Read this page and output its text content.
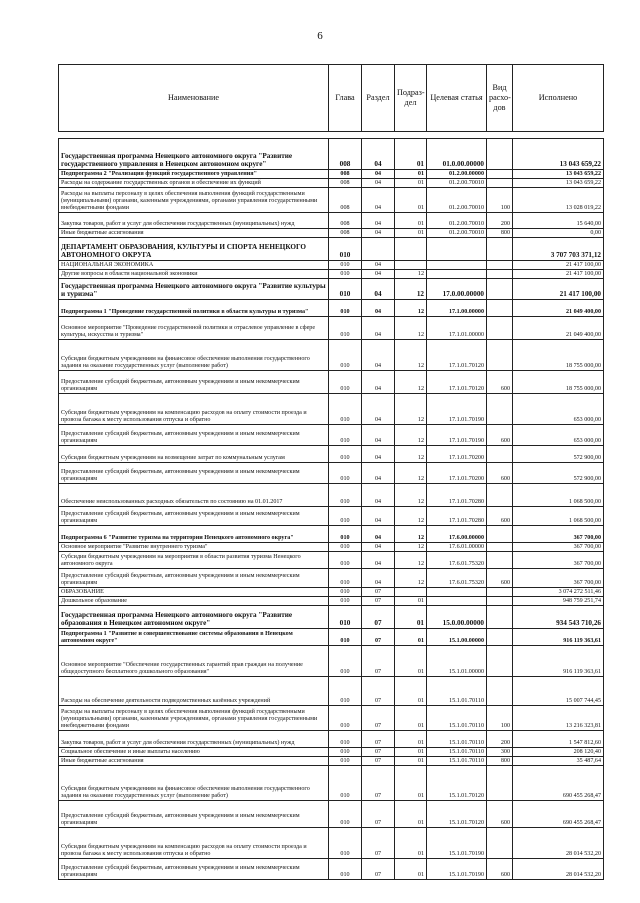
6
Наименование	Глава	Раздел	Подраз-дел	Целевая статья	Вид расхо-дов	Исполнено

Государственная программа Ненецкого автономного округа "Развитие государственного управления в Ненецком автономном округе"	008	04	01	01.0.00.00000		13 043 659,22
Подпрограмма 2 "Реализация функций государственного управления"	008	04	01	01.2.00.00000		13 043 659,22
Расходы на содержание государственных органов и обеспечение их функций	008	04	01	01.2.00.70010		13 043 659,22
Расходы на выплаты персоналу в целях обеспечения выполнения функций государственными (муниципальными) органами, казенными учреждениями, органами управления государственными внебюджетными фондами	008	04	01	01.2.00.70010	100	13 028 019,22
Закупка товаров, работ и услуг для обеспечения государственных (муниципальных) нужд	008	04	01	01.2.00.70010	200	15 640,00
Иные бюджетные ассигнования	008	04	01	01.2.00.70010	800	0,00
ДЕПАРТАМЕНТ ОБРАЗОВАНИЯ, КУЛЬТУРЫ И СПОРТА НЕНЕЦКОГО АВТОНОМНОГО ОКРУГА	010					3 707 703 371,12
НАЦИОНАЛЬНАЯ ЭКОНОМИКА	010	04				21 417 100,00
Другие вопросы в области национальной экономики	010	04	12			21 417 100,00
Государственная программа Ненецкого автономного округа "Развитие культуры и туризма"	010	04	12	17.0.00.00000		21 417 100,00
Подпрограмма 1 "Проведение государственной политики в области культуры и туризма"	010	04	12	17.1.00.00000		21 049 400,00
Основное мероприятие "Проведение государственной политики и отраслевое управление в сфере культуры, искусства и туризма"	010	04	12	17.1.01.00000		21 049 400,00
Субсидии бюджетным учреждениям на финансовое обеспечение выполнения государственного задания на оказание государственных услуг (выполнение работ)	010	04	12	17.1.01.70120		18 755 000,00
Предоставление субсидий бюджетным, автономным учреждениям и иным некоммерческим организациям	010	04	12	17.1.01.70120	600	18 755 000,00
Субсидии бюджетным учреждениям на компенсацию расходов на оплату стоимости проезда и провоза багажа к месту использования отпуска и обратно	010	04	12	17.1.01.70190		653 000,00
Предоставление субсидий бюджетным, автономным учреждениям и иным некоммерческим организациям	010	04	12	17.1.01.70190	600	653 000,00
Субсидии бюджетным учреждениям на возмещение затрат по коммунальным услугам	010	04	12	17.1.01.70200		572 900,00
Предоставление субсидий бюджетным, автономным учреждениям и иным некоммерческим организациям	010	04	12	17.1.01.70200	600	572 900,00
Обеспечение неиспользованных расходных обязательств по состоянию на 01.01.2017	010	04	12	17.1.01.70280		1 068 500,00
Предоставление субсидий бюджетным, автономным учреждениям и иным некоммерческим организациям	010	04	12	17.1.01.70280	600	1 068 500,00
Подпрограмма 6 "Развитие туризма на территории Ненецкого автономного округа"	010	04	12	17.6.00.00000		367 700,00
Основное мероприятие "Развитие внутреннего туризма"	010	04	12	17.6.01.00000		367 700,00
Субсидии бюджетным учреждениям на мероприятия в области развития туризма Ненецкого автономного округа	010	04	12	17.6.01.75320		367 700,00
Предоставление субсидий бюджетным, автономным учреждениям и иным некоммерческим организациям	010	04	12	17.6.01.75320	600	367 700,00
ОБРАЗОВАНИЕ	010	07				3 074 272 511,46
Дошкольное образование	010	07	01			948 759 251,74
Государственная программа Ненецкого автономного округа "Развитие образования в Ненецком автономном округе"	010	07	01	15.0.00.00000		934 543 710,26
Подпрограмма 1 "Развитие и совершенствование системы образования в Ненецком автономном округе"	010	07	01	15.1.00.00000		916 119 363,61
Основное мероприятие "Обеспечение государственных гарантий прав граждан на получение общедоступного бесплатного дошкольного образования"	010	07	01	15.1.01.00000		916 119 363,61
Расходы на обеспечение деятельности подведомственных казённых учреждений	010	07	01	15.1.01.70110		15 007 744,45
Расходы на выплаты персоналу в целях обеспечения выполнения функций государственными (муниципальными) органами, казенными учреждениями, органами управления государственными внебюджетными фондами	010	07	01	15.1.01.70110	100	13 216 323,81
Закупка товаров, работ и услуг для обеспечения государственных (муниципальных) нужд	010	07	01	15.1.01.70110	200	1 547 812,60
Социальное обеспечение и иные выплаты населению	010	07	01	15.1.01.70110	300	208 120,40
Иные бюджетные ассигнования	010	07	01	15.1.01.70110	800	35 487,64
Субсидии бюджетным учреждениям на финансовое обеспечение выполнения государственного задания на оказание государственных услуг (выполнение работ)	010	07	01	15.1.01.70120		690 455 268,47
Предоставление субсидий бюджетным, автономным учреждениям и иным некоммерческим организациям	010	07	01	15.1.01.70120	600	690 455 268,47
Субсидии бюджетным учреждениям на компенсацию расходов на оплату стоимости проезда и провоза багажа к месту использования отпуска и обратно	010	07	01	15.1.01.70190		28 014 532,20
Предоставление субсидий бюджетным, автономным учреждениям и иным некоммерческим организациям	010	07	01	15.1.01.70190	600	28 014 532,20
